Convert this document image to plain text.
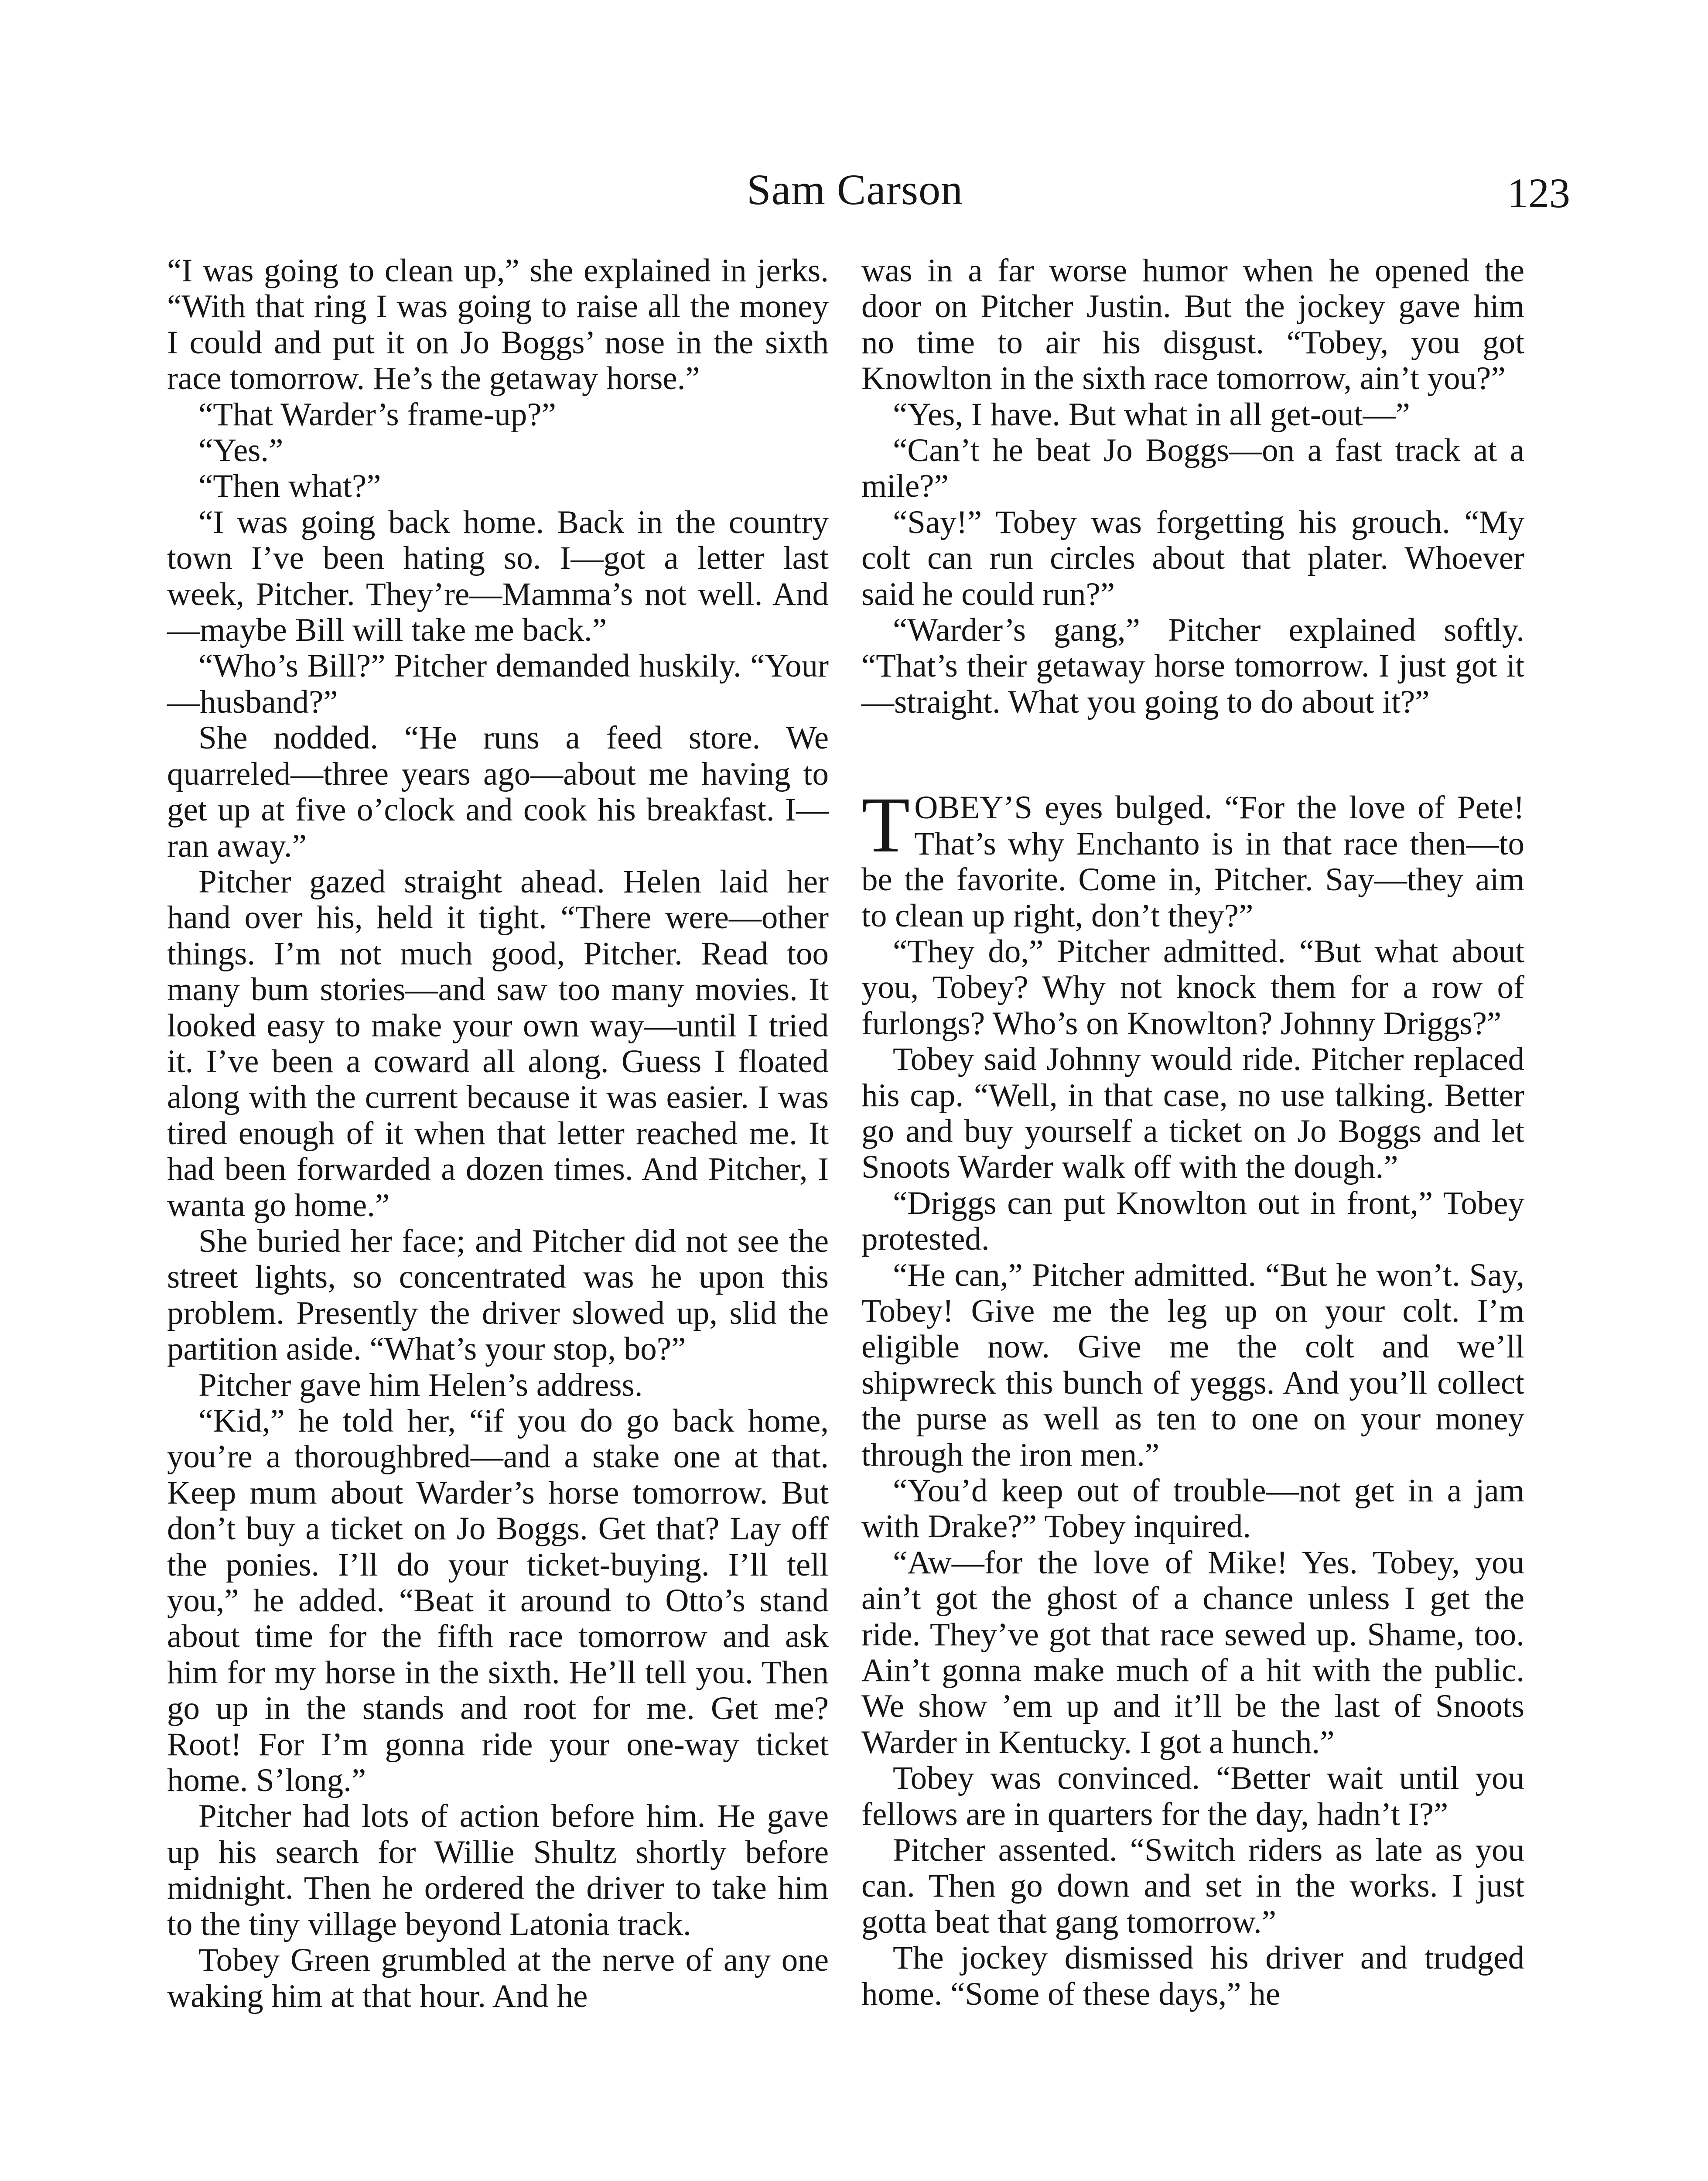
Sam Carson	123

“I was going to clean up,” she explained in jerks. “With that ring I was going to raise all the money I could and put it on Jo Boggs’ nose in the sixth race tomorrow. He’s the getaway horse.”

“That Warder’s frame-up?”

“Yes.”

“Then what?”

“I was going back home. Back in the country town I’ve been hating so. I—got a letter last week, Pitcher. They’re—Mamma’s not well. And—maybe Bill will take me back.”

“Who’s Bill?” Pitcher demanded huskily. “Your—husband?”

She nodded. “He runs a feed store. We quarreled—three years ago—about me having to get up at five o’clock and cook his breakfast. I—ran away.”

Pitcher gazed straight ahead. Helen laid her hand over his, held it tight. “There were—other things. I’m not much good, Pitcher. Read too many bum stories—and saw too many movies. It looked easy to make your own way—until I tried it. I’ve been a coward all along. Guess I floated along with the current because it was easier. I was tired enough of it when that letter reached me. It had been forwarded a dozen times. And Pitcher, I wanta go home.”

She buried her face; and Pitcher did not see the street lights, so concentrated was he upon this problem. Presently the driver slowed up, slid the partition aside. “What’s your stop, bo?”

Pitcher gave him Helen’s address.

“Kid,” he told her, “if you do go back home, you’re a thoroughbred—and a stake one at that. Keep mum about Warder’s horse tomorrow. But don’t buy a ticket on Jo Boggs. Get that? Lay off the ponies. I’ll do your ticket-buying. I’ll tell you,” he added. “Beat it around to Otto’s stand about time for the fifth race tomorrow and ask him for my horse in the sixth. He’ll tell you. Then go up in the stands and root for me. Get me? Root! For I’m gonna ride your one-way ticket home. S’long.”

Pitcher had lots of action before him. He gave up his search for Willie Shultz shortly before midnight. Then he ordered the driver to take him to the tiny village beyond Latonia track.

Tobey Green grumbled at the nerve of any one waking him at that hour. And he

was in a far worse humor when he opened the door on Pitcher Justin. But the jockey gave him no time to air his disgust. “Tobey, you got Knowlton in the sixth race tomorrow, ain’t you?”

“Yes, I have. But what in all get-out—”

“Can’t he beat Jo Boggs—on a fast track at a mile?”

“Say!” Tobey was forgetting his grouch. “My colt can run circles about that plater. Whoever said he could run?”

“Warder’s gang,” Pitcher explained softly. “That’s their getaway horse tomorrow. I just got it—straight. What you going to do about it?”

TOBEY’S eyes bulged. “For the love of Pete! That’s why Enchanto is in that race then—to be the favorite. Come in, Pitcher. Say—they aim to clean up right, don’t they?”

“They do,” Pitcher admitted. “But what about you, Tobey? Why not knock them for a row of furlongs? Who’s on Knowlton? Johnny Driggs?”

Tobey said Johnny would ride. Pitcher replaced his cap. “Well, in that case, no use talking. Better go and buy yourself a ticket on Jo Boggs and let Snoots Warder walk off with the dough.”

“Driggs can put Knowlton out in front,” Tobey protested.

“He can,” Pitcher admitted. “But he won’t. Say, Tobey! Give me the leg up on your colt. I’m eligible now. Give me the colt and we’ll shipwreck this bunch of yeggs. And you’ll collect the purse as well as ten to one on your money through the iron men.”

“You’d keep out of trouble—not get in a jam with Drake?” Tobey inquired.

“Aw—for the love of Mike! Yes. Tobey, you ain’t got the ghost of a chance unless I get the ride. They’ve got that race sewed up. Shame, too. Ain’t gonna make much of a hit with the public. We show ’em up and it’ll be the last of Snoots Warder in Kentucky. I got a hunch.”

Tobey was convinced. “Better wait until you fellows are in quarters for the day, hadn’t I?”

Pitcher assented. “Switch riders as late as you can. Then go down and set in the works. I just gotta beat that gang tomorrow.”

The jockey dismissed his driver and trudged home. “Some of these days,” he
